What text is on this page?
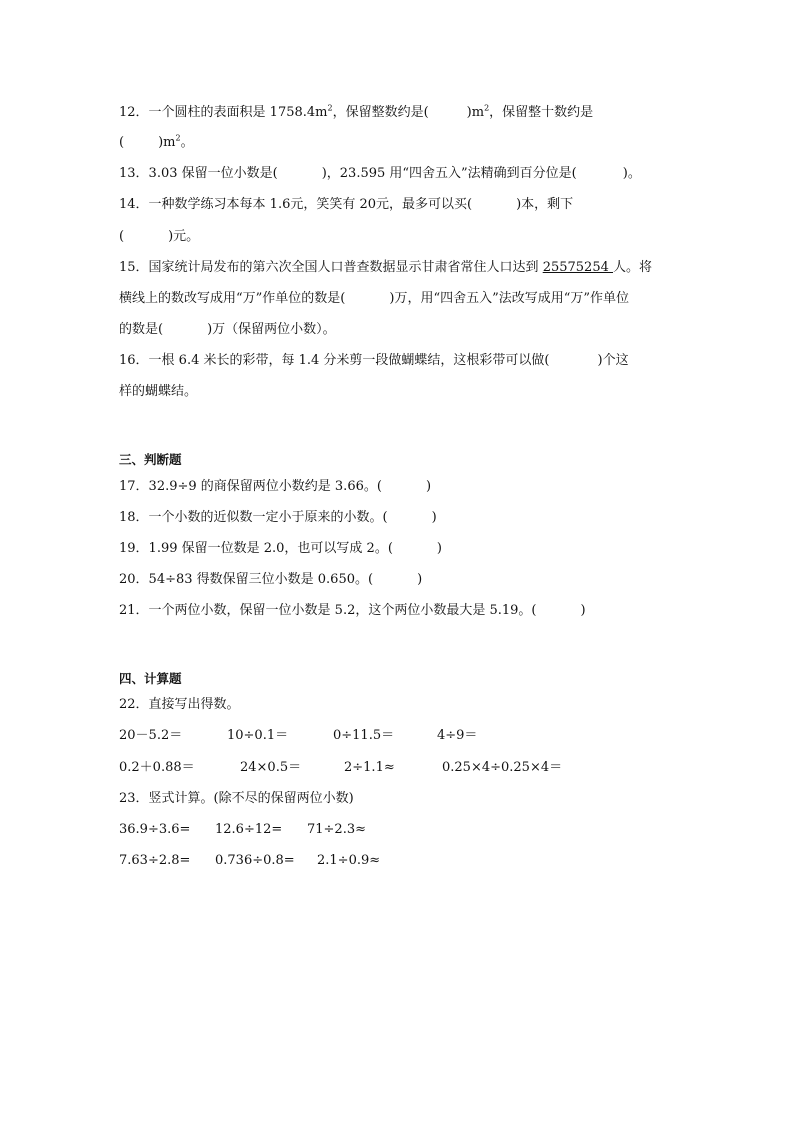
12．一个圆柱的表面积是 $1758.4m^2$，保留整数约是(	)$m^2$，保留整十数约是
(	)$m^2$。
13．3.03 保留一位小数是(	)，23.595 用“四舍五入”法精确到百分位是(	)。
14．一种数学练习本每本 1.6元，笑笑有 20元，最多可以买(	)本，剩下
(	)元。
15．国家统计局发布的第六次全国人口普查数据显示甘肃省常住人口达到 25575254 人。将
横线上的数改写成用“万”作单位的数是(	)万，用“四舍五入”法改写成用“万”作单位
的数是(	)万（保留两位小数）。
16．一根 6.4 米长的彩带，每 1.4 分米剪一段做蝴蝶结，这根彩带可以做(	)个这
样的蝴蝶结。
三、判断题
17．32.9÷9 的商保留两位小数约是 3.66。(	)
18．一个小数的近似数一定小于原来的小数。(	)
19．1.99 保留一位数是 2.0，也可以写成 2。(	)
20．54÷83 得数保留三位小数是 0.650。(	)
21．一个两位小数，保留一位小数是 5.2，这个两位小数最大是 5.19。(	)
四、计算题
22．直接写出得数。
20－5.2＝	10÷0.1＝	0÷11.5＝	4÷9＝
0.2＋0.88＝	24×0.5＝	2÷1.1≈	0.25×4÷0.25×4＝
23．竖式计算。(除不尽的保留两位小数)
36.9÷3.6= 12.6÷12= 71÷2.3≈
7.63÷2.8= 0.736÷0.8= 2.1÷0.9≈
